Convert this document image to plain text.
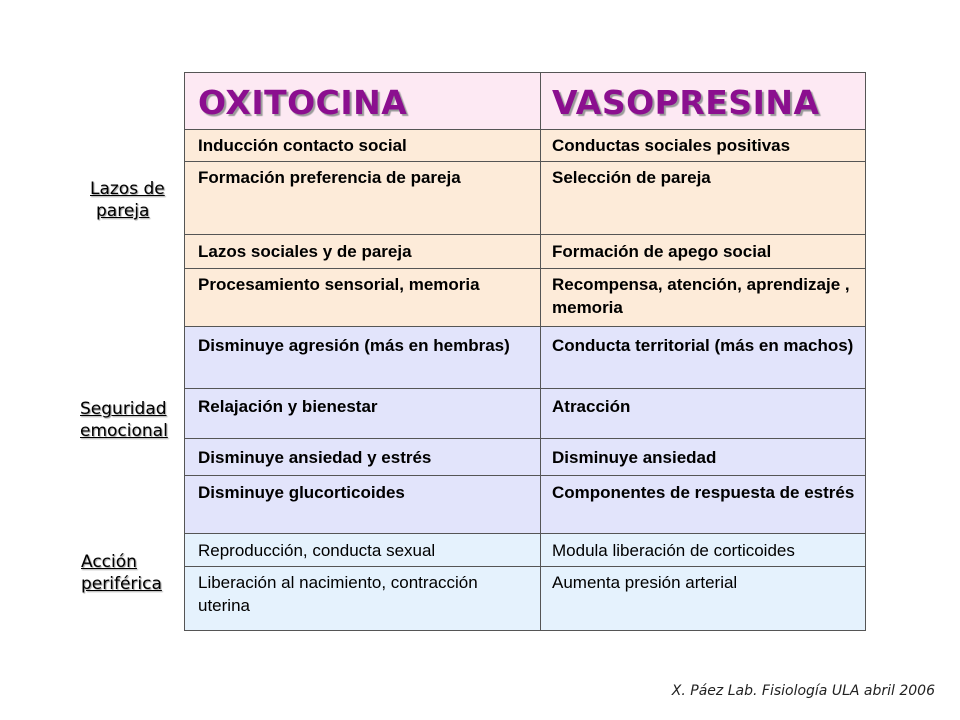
Lazos de
pareja
Seguridad
emocional
Acción
periférica
OXITOCINA	VASOPRESINA
Inducción contacto social	Conductas sociales positivas
Formación preferencia de pareja	Selección de pareja
Lazos sociales y de pareja	Formación de apego social
Procesamiento sensorial, memoria	Recompensa, atención, aprendizaje , memoria
Disminuye agresión (más en hembras)	Conducta territorial (más en machos)
Relajación y bienestar	Atracción
Disminuye ansiedad y estrés	Disminuye ansiedad
Disminuye glucorticoides	Componentes de respuesta de estrés
Reproducción, conducta sexual	Modula liberación de corticoides
Liberación al nacimiento, contracción uterina	Aumenta presión arterial
X. Páez Lab. Fisiología ULA abril 2006
